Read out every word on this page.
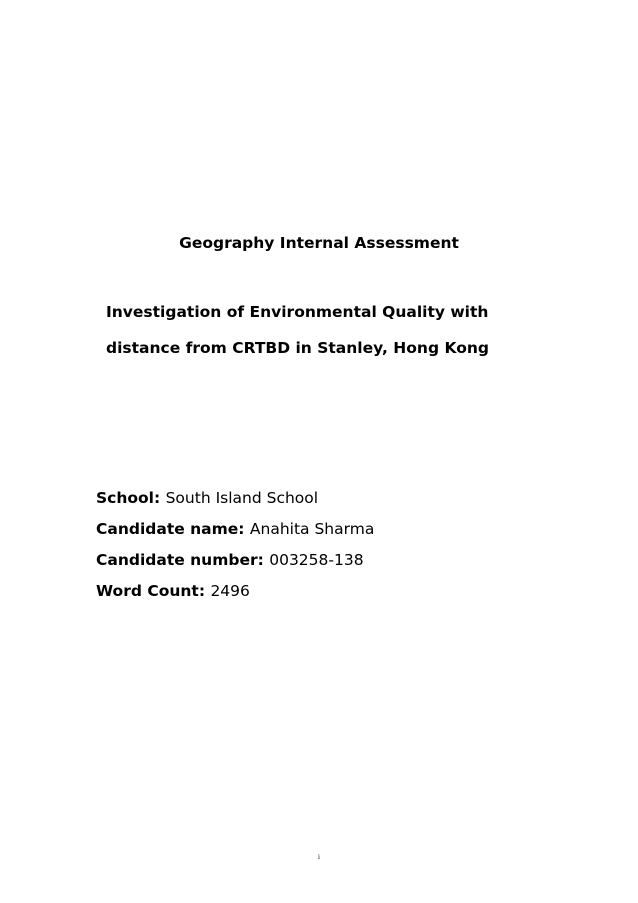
Geography Internal Assessment
Investigation of Environmental Quality with
distance from CRTBD in Stanley, Hong Kong
School: South Island School
Candidate name: Anahita Sharma
Candidate number: 003258-138
Word Count: 2496
i
